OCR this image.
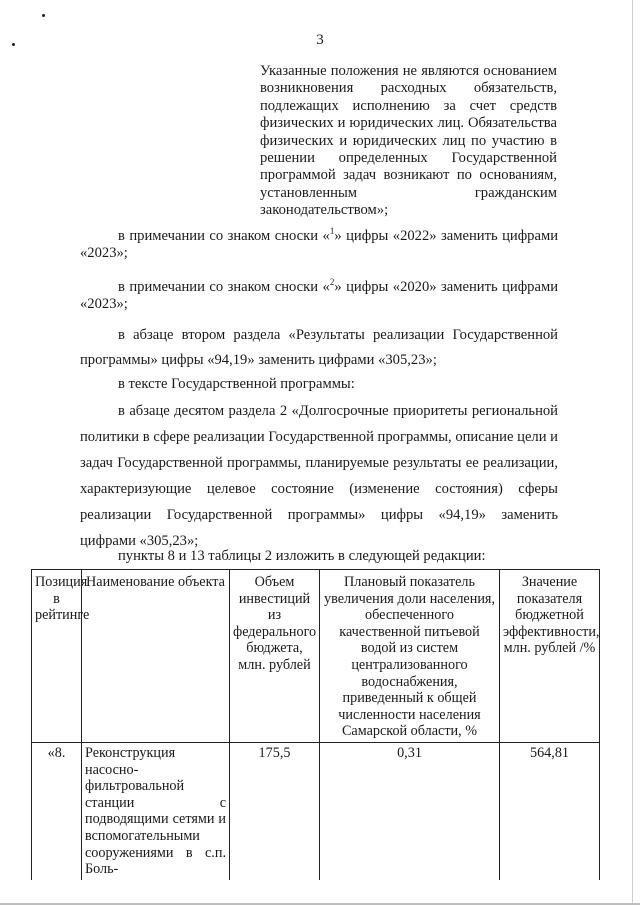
3
Указанные положения не являются основанием возникновения расходных обязательств, подлежащих исполнению за счет средств физических и юридических лиц. Обязательства физических и юридических лиц по участию в решении определенных Государственной программой задач возникают по основаниям, установленным гражданским законодательством»;
в примечании со знаком сноски «$^1$» цифры «2022» заменить цифрами «2023»;
в примечании со знаком сноски «$^2$» цифры «2020» заменить цифрами «2023»;
в абзаце втором раздела «Результаты реализации Государственной программы» цифры «94,19» заменить цифрами «305,23»;
в тексте Государственной программы:
в абзаце десятом раздела 2 «Долгосрочные приоритеты региональной политики в сфере реализации Государственной программы, описание цели и задач Государственной программы, планируемые результаты ее реализации, характеризующие целевое состояние (изменение состояния) сферы реализации Государственной программы» цифры «94,19» заменить цифрами «305,23»;
пункты 8 и 13 таблицы 2 изложить в следующей редакции:
Позиция в рейтинге	Наименование объекта	Объем инвестиций из федерального бюджета, млн. рублей	Плановый показатель увеличения доли населения, обеспеченного качественной питьевой водой из систем централизованного водоснабжения, приведенный к общей численности населения Самарской области, %	Значение показателя бюджетной эффективности, млн. рублей /%
«8.	Реконструкция насосно-фильтровальной станции с подводящими сетями и вспомогательными сооружениями в с.п. Боль-	175,5	0,31	564,81
